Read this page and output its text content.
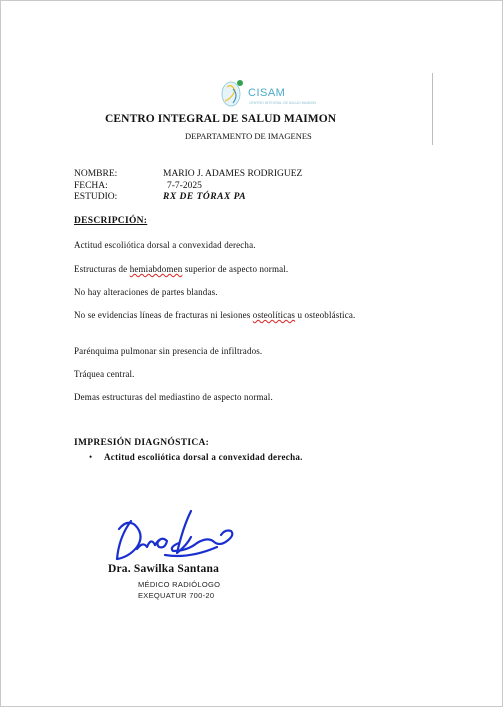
CISAM
CENTRO INTEGRAL DE SALUD MAIMON
CENTRO INTEGRAL DE SALUD MAIMON
DEPARTAMENTO DE IMAGENES
NOMBRE:	MARIO J. ADAMES RODRIGUEZ
FECHA:	7-7-2025
ESTUDIO:	RX DE TÓRAX PA
DESCRIPCIÓN:
Actitud escoliótica dorsal a convexidad derecha.
Estructuras de hemiabdomen superior de aspecto normal.
No hay alteraciones de partes blandas.
No se evidencias líneas de fracturas ni lesiones osteolíticas u osteoblástica.
Parénquima pulmonar sin presencia de infiltrados.
Tráquea central.
Demas estructuras del mediastino de aspecto normal.
IMPRESIÓN DIAGNÓSTICA:
• Actitud escoliótica dorsal a convexidad derecha.
Dra. Sawilka Santana
MÉDICO RADIÓLOGO
EXEQUATUR 700-20
